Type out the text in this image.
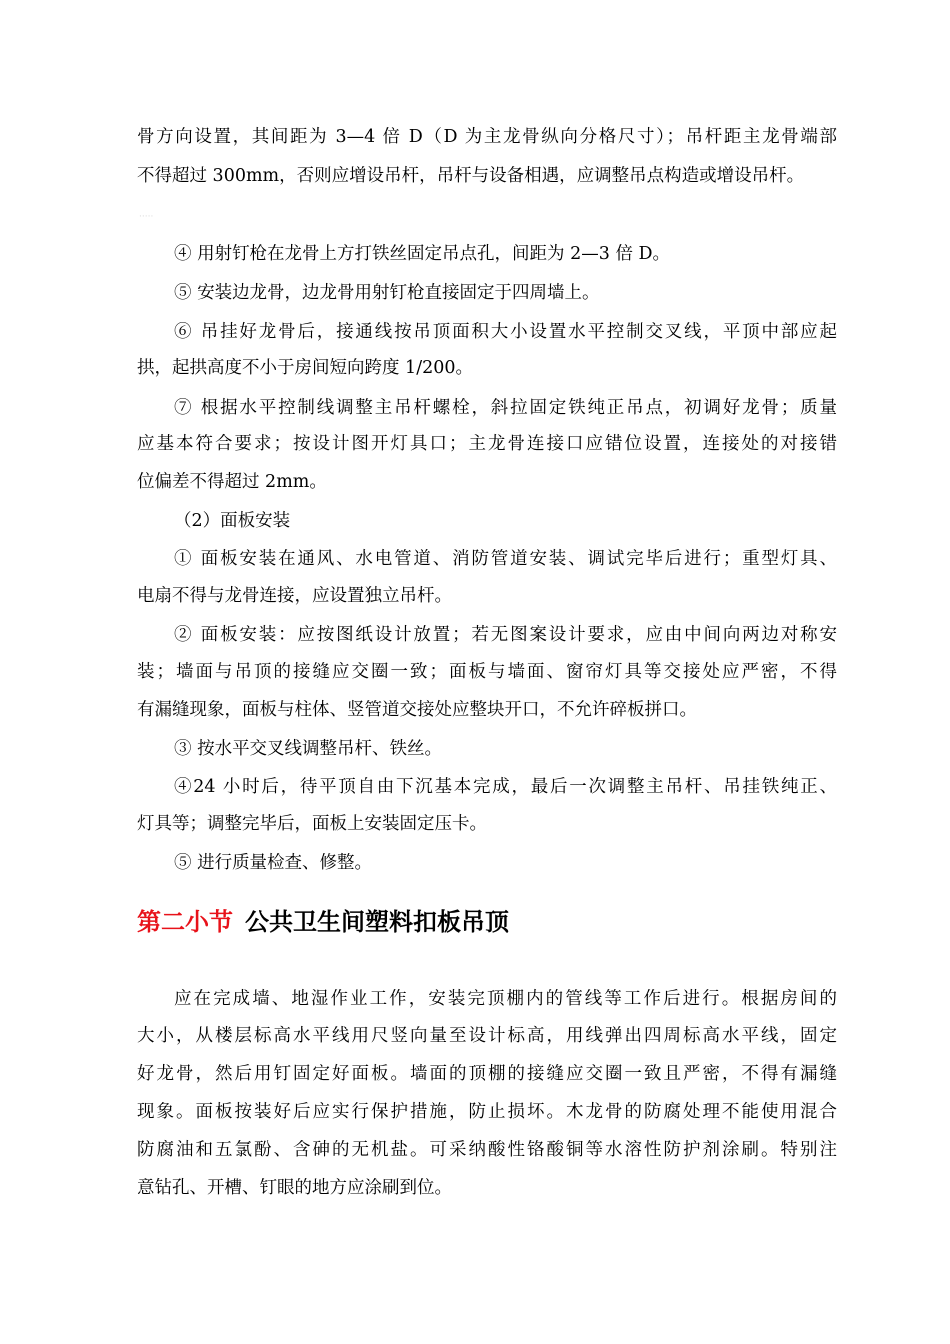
骨方向设置，其间距为 3—4 倍 D（D 为主龙骨纵向分格尺寸）；吊杆距主龙骨端部
不得超过 300mm，否则应增设吊杆，吊杆与设备相遇，应调整吊点构造或增设吊杆。
·····
④ 用射钉枪在龙骨上方打铁丝固定吊点孔，间距为 2—3 倍 D。
⑤ 安装边龙骨，边龙骨用射钉枪直接固定于四周墙上。
⑥ 吊挂好龙骨后，接通线按吊顶面积大小设置水平控制交叉线，平顶中部应起
拱，起拱高度不小于房间短向跨度 1/200。
⑦ 根据水平控制线调整主吊杆螺栓，斜拉固定铁纯正吊点，初调好龙骨；质量
应基本符合要求；按设计图开灯具口；主龙骨连接口应错位设置，连接处的对接错
位偏差不得超过 2mm。
（2）面板安装
① 面板安装在通风、水电管道、消防管道安装、调试完毕后进行；重型灯具、
电扇不得与龙骨连接，应设置独立吊杆。
② 面板安装：应按图纸设计放置；若无图案设计要求，应由中间向两边对称安
装；墙面与吊顶的接缝应交圈一致；面板与墙面、窗帘灯具等交接处应严密，不得
有漏缝现象，面板与柱体、竖管道交接处应整块开口，不允许碎板拼口。
③ 按水平交叉线调整吊杆、铁丝。
④24 小时后，待平顶自由下沉基本完成，最后一次调整主吊杆、吊挂铁纯正、
灯具等；调整完毕后，面板上安装固定压卡。
⑤ 进行质量检查、修整。
第二小节 公共卫生间塑料扣板吊顶
应在完成墙、地湿作业工作，安装完顶棚内的管线等工作后进行。根据房间的
大小，从楼层标高水平线用尺竖向量至设计标高，用线弹出四周标高水平线，固定
好龙骨，然后用钉固定好面板。墙面的顶棚的接缝应交圈一致且严密，不得有漏缝
现象。面板按装好后应实行保护措施，防止损坏。木龙骨的防腐处理不能使用混合
防腐油和五氯酚、含砷的无机盐。可采纳酸性铬酸铜等水溶性防护剂涂刷。特别注
意钻孔、开槽、钉眼的地方应涂刷到位。
